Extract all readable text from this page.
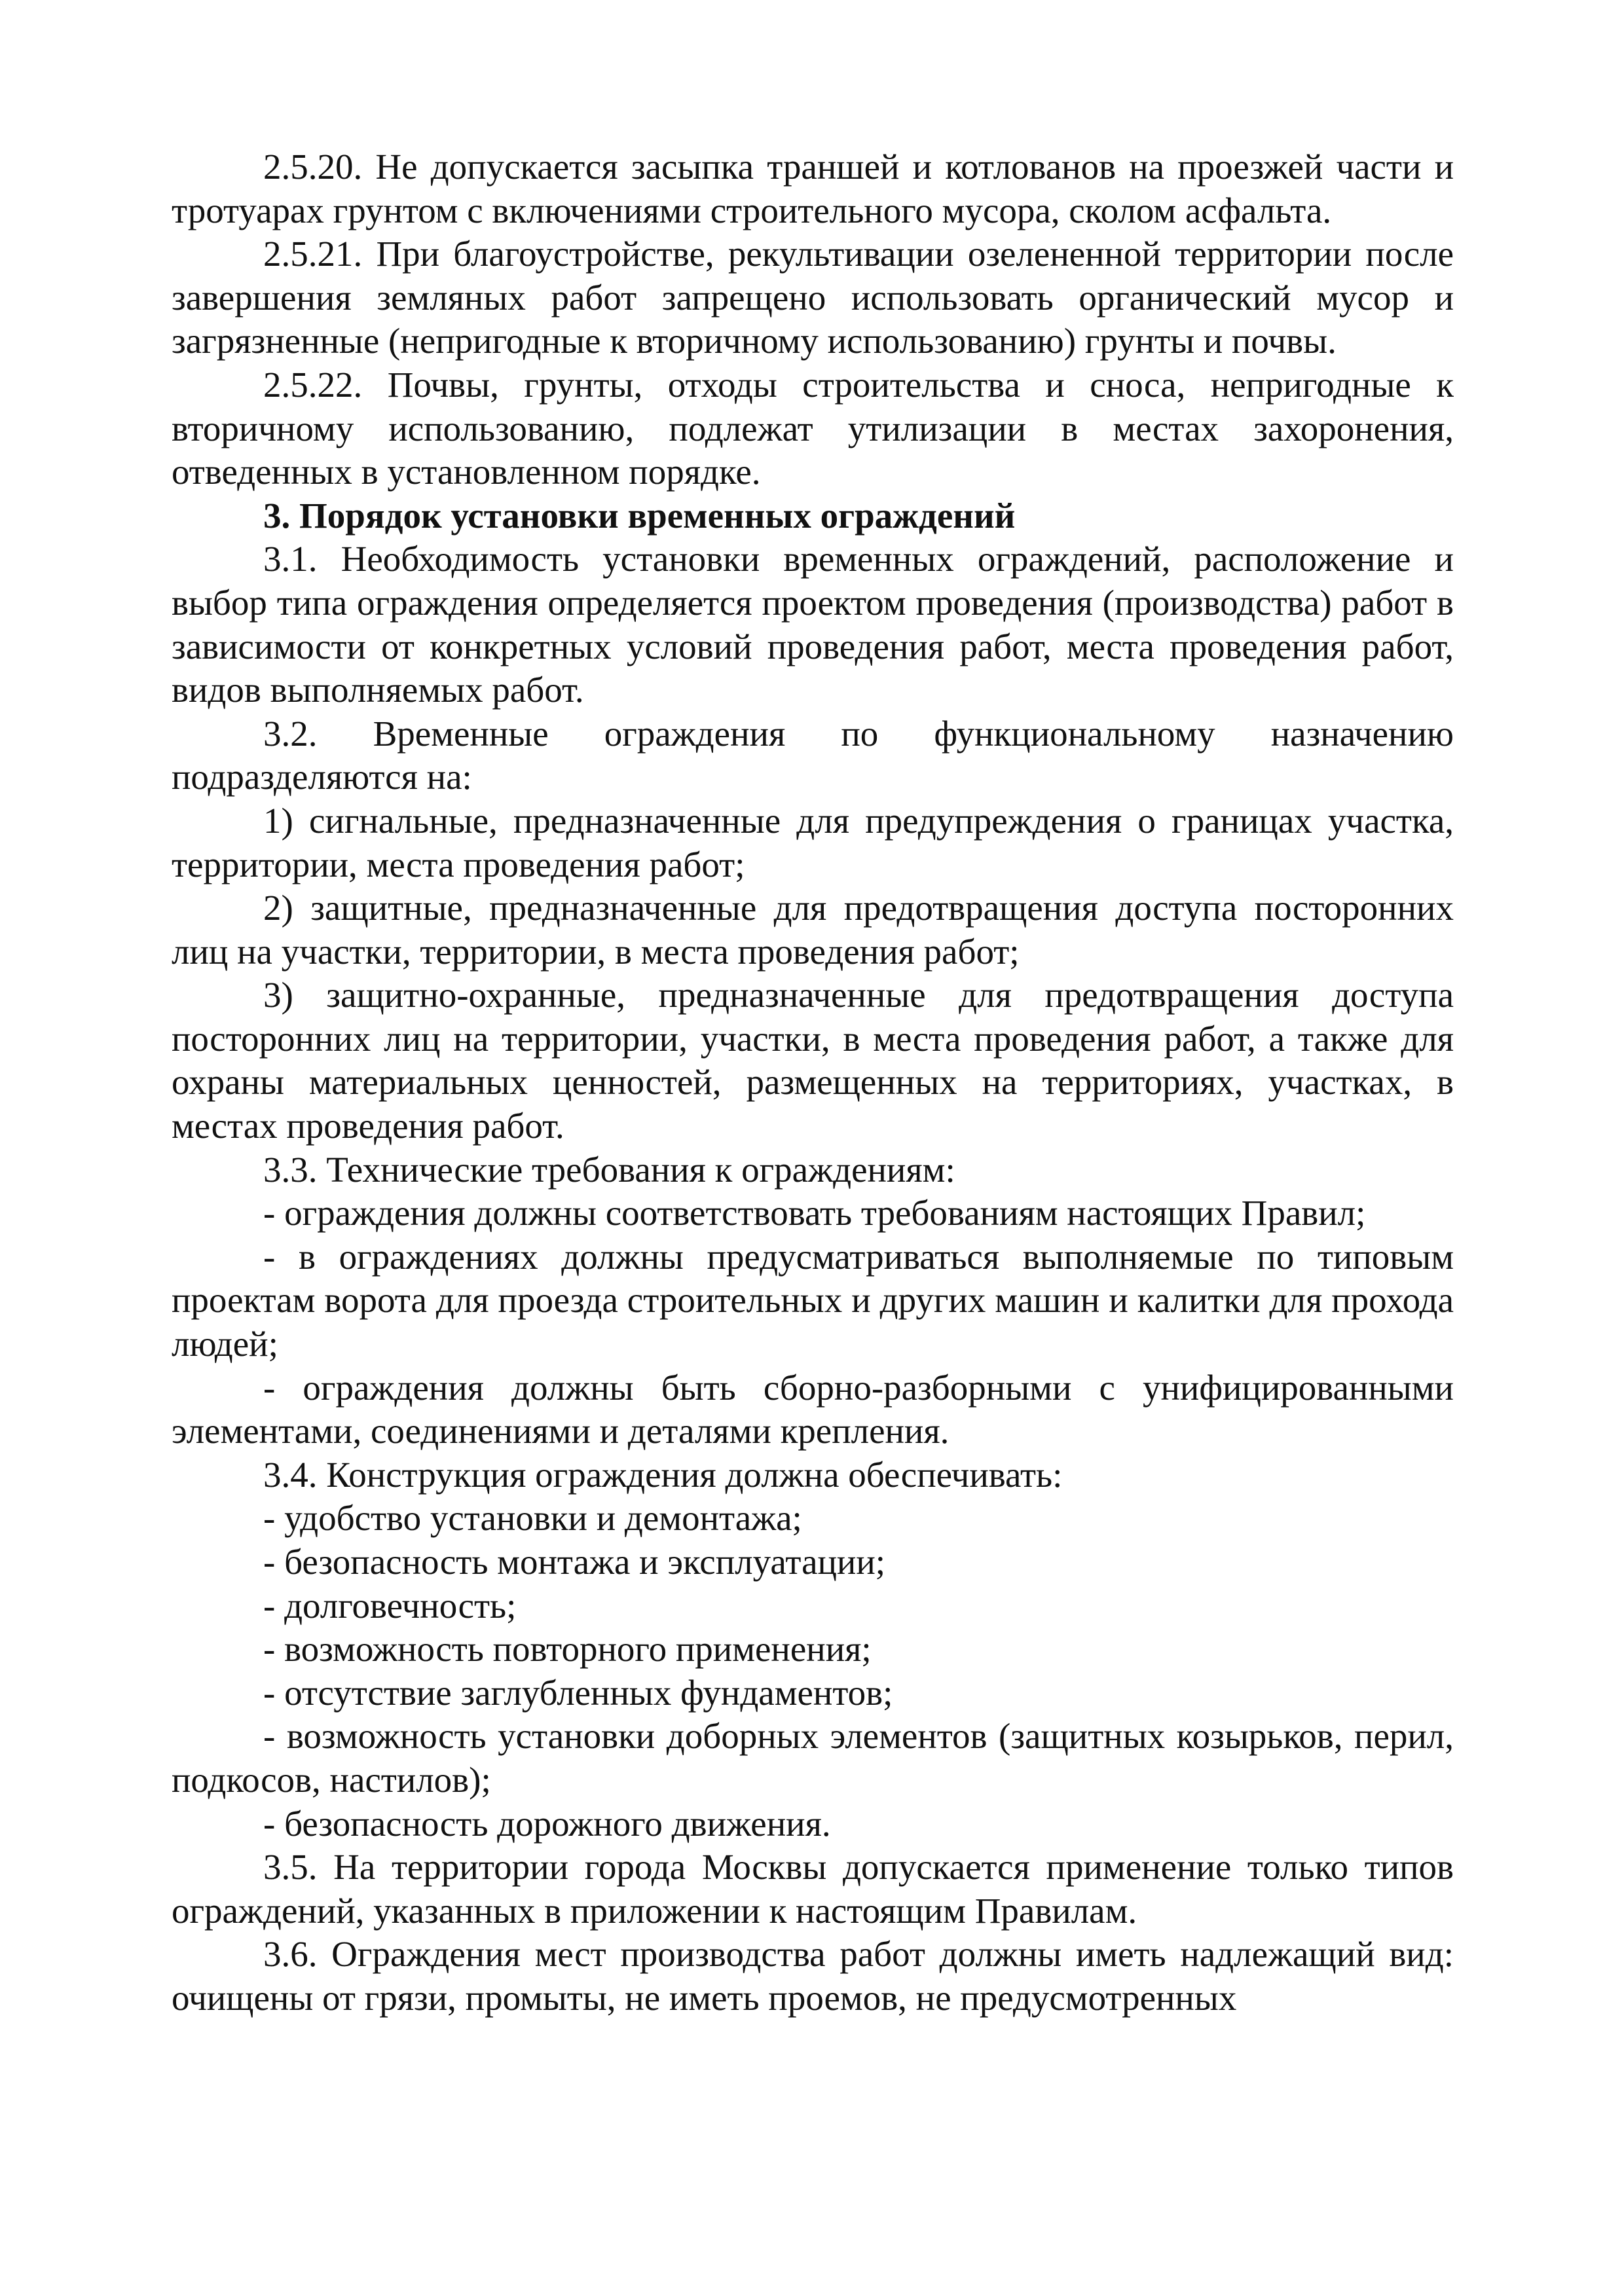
2.5.20. Не допускается засыпка траншей и котлованов на проезжей части и тротуарах грунтом с включениями строительного мусора, сколом асфальта.

2.5.21. При благоустройстве, рекультивации озелененной территории после завершения земляных работ запрещено использовать органический мусор и загрязненные (непригодные к вторичному использованию) грунты и почвы.

2.5.22. Почвы, грунты, отходы строительства и сноса, непригодные к вторичному использованию, подлежат утилизации в местах захоронения, отведенных в установленном порядке.

3. Порядок установки временных ограждений

3.1. Необходимость установки временных ограждений, расположение и выбор типа ограждения определяется проектом проведения (производства) работ в зависимости от конкретных условий проведения работ, места проведения работ, видов выполняемых работ.

3.2. Временные ограждения по функциональному назначению подразделяются на:

1) сигнальные, предназначенные для предупреждения о границах участка, территории, места проведения работ;

2) защитные, предназначенные для предотвращения доступа посторонних лиц на участки, территории, в места проведения работ;

3) защитно-охранные, предназначенные для предотвращения доступа посторонних лиц на территории, участки, в места проведения работ, а также для охраны материальных ценностей, размещенных на территориях, участках, в местах проведения работ.

3.3. Технические требования к ограждениям:

- ограждения должны соответствовать требованиям настоящих Правил;

- в ограждениях должны предусматриваться выполняемые по типовым проектам ворота для проезда строительных и других машин и калитки для прохода людей;

- ограждения должны быть сборно-разборными с унифицированными элементами, соединениями и деталями крепления.

3.4. Конструкция ограждения должна обеспечивать:

- удобство установки и демонтажа;

- безопасность монтажа и эксплуатации;

- долговечность;

- возможность повторного применения;

- отсутствие заглубленных фундаментов;

- возможность установки доборных элементов (защитных козырьков, перил, подкосов, настилов);

- безопасность дорожного движения.

3.5. На территории города Москвы допускается применение только типов ограждений, указанных в приложении к настоящим Правилам.

3.6. Ограждения мест производства работ должны иметь надлежащий вид: очищены от грязи, промыты, не иметь проемов, не предусмотренных
